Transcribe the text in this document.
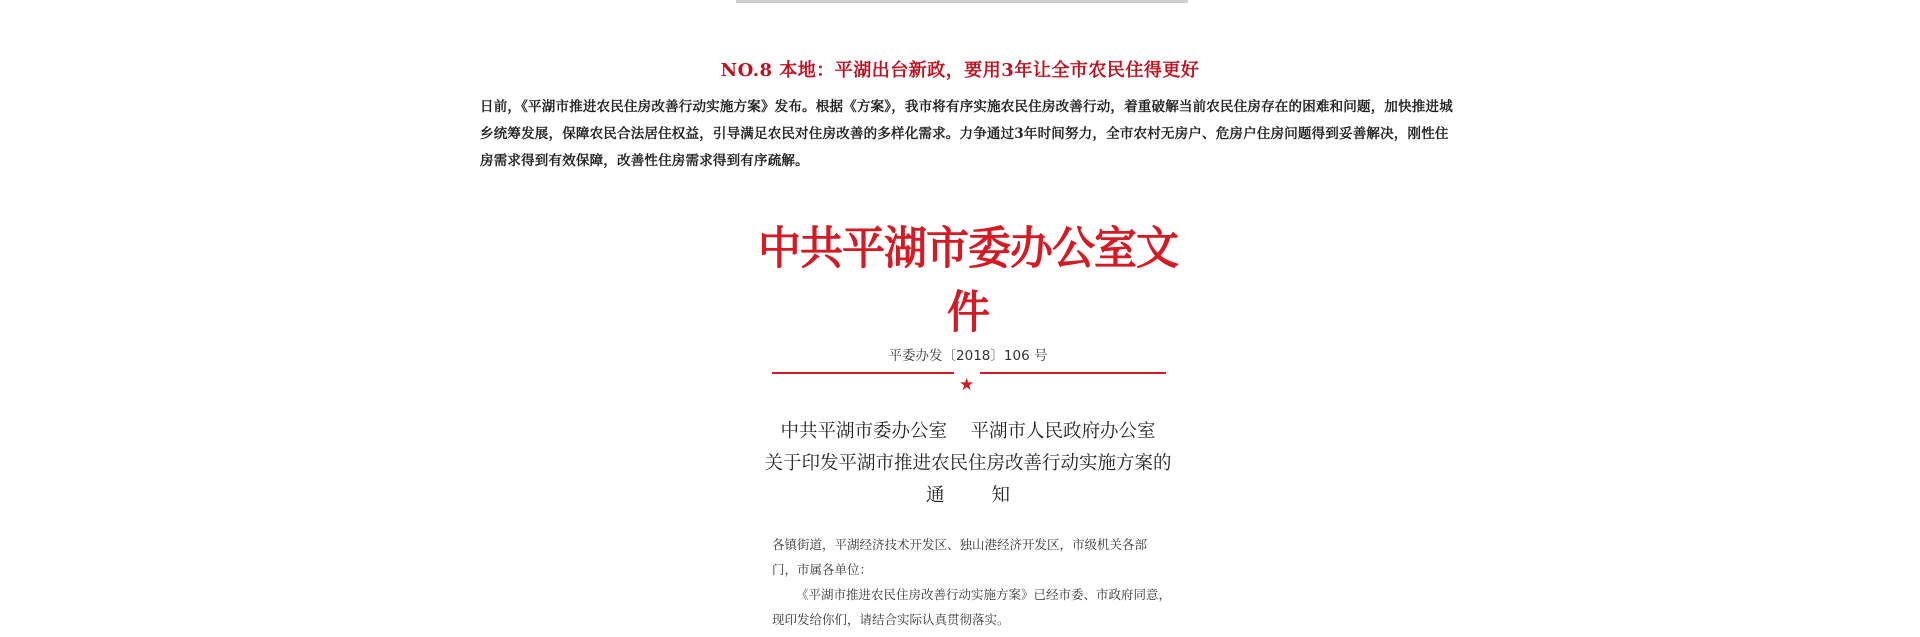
NO.8 本地：平湖出台新政，要用3年让全市农民住得更好

日前，《平湖市推进农民住房改善行动实施方案》发布。根据《方案》，我市将有序实施农民住房改善行动，着重破解当前农民住房存在的困难和问题，加快推进城乡统筹发展，保障农民合法居住权益，引导满足农民对住房改善的多样化需求。力争通过3年时间努力，全市农村无房户、危房户住房问题得到妥善解决，刚性住房需求得到有效保障，改善性住房需求得到有序疏解。

中共平湖市委办公室文件

平委办发〔2018〕106 号

★
中共平湖市委办公室    平湖市人民政府办公室
关于印发平湖市推进农民住房改善行动实施方案的
通        知
各镇街道，平湖经济技术开发区、独山港经济开发区，市级机关各部
门，市属各单位：
《平湖市推进农民住房改善行动实施方案》已经市委、市政府同意，
现印发给你们，请结合实际认真贯彻落实。
